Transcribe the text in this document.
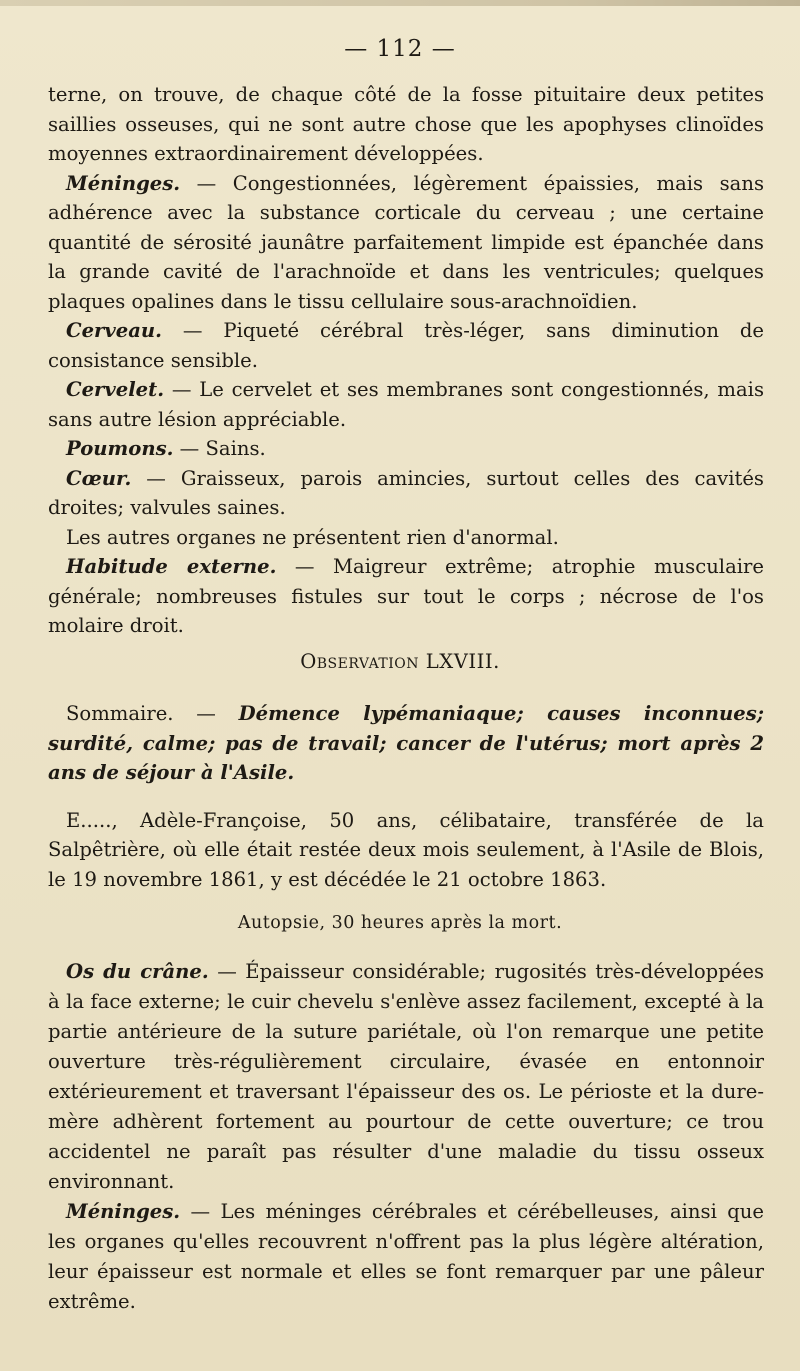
— 112 —

terne, on trouve, de chaque côté de la fosse pituitaire deux petites saillies osseuses, qui ne sont autre chose que les apophyses clinoïdes moyennes extraordinairement développées.

Méninges. — Congestionnées, légèrement épaissies, mais sans adhérence avec la substance corticale du cerveau ; une certaine quantité de sérosité jaunâtre parfaitement limpide est épanchée dans la grande cavité de l'arachnoïde et dans les ventricules; quelques plaques opalines dans le tissu cellulaire sous-arachnoïdien.

Cerveau. — Piqueté cérébral très-léger, sans diminution de consistance sensible.

Cervelet. — Le cervelet et ses membranes sont congestionnés, mais sans autre lésion appréciable.

Poumons. — Sains.

Cœur. — Graisseux, parois amincies, surtout celles des cavités droites; valvules saines.

Les autres organes ne présentent rien d'anormal.

Habitude externe. — Maigreur extrême; atrophie musculaire générale; nombreuses fistules sur tout le corps ; nécrose de l'os molaire droit.

Observation LXVIII.

Sommaire. — Démence lypémaniaque; causes inconnues; surdité, calme; pas de travail; cancer de l'utérus; mort après 2 ans de séjour à l'Asile.

E....., Adèle-Françoise, 50 ans, célibataire, transférée de la Salpêtrière, où elle était restée deux mois seulement, à l'Asile de Blois, le 19 novembre 1861, y est décédée le 21 octobre 1863.

Autopsie, 30 heures après la mort.

Os du crâne. — Épaisseur considérable; rugosités très-développées à la face externe; le cuir chevelu s'enlève assez facilement, excepté à la partie antérieure de la suture pariétale, où l'on remarque une petite ouverture très-régulièrement circulaire, évasée en entonnoir extérieurement et traversant l'épaisseur des os. Le périoste et la dure-mère adhèrent fortement au pourtour de cette ouverture; ce trou accidentel ne paraît pas résulter d'une maladie du tissu osseux environnant.

Méninges. — Les méninges cérébrales et cérébelleuses, ainsi que les organes qu'elles recouvrent n'offrent pas la plus légère altération, leur épaisseur est normale et elles se font remarquer par une pâleur extrême.
